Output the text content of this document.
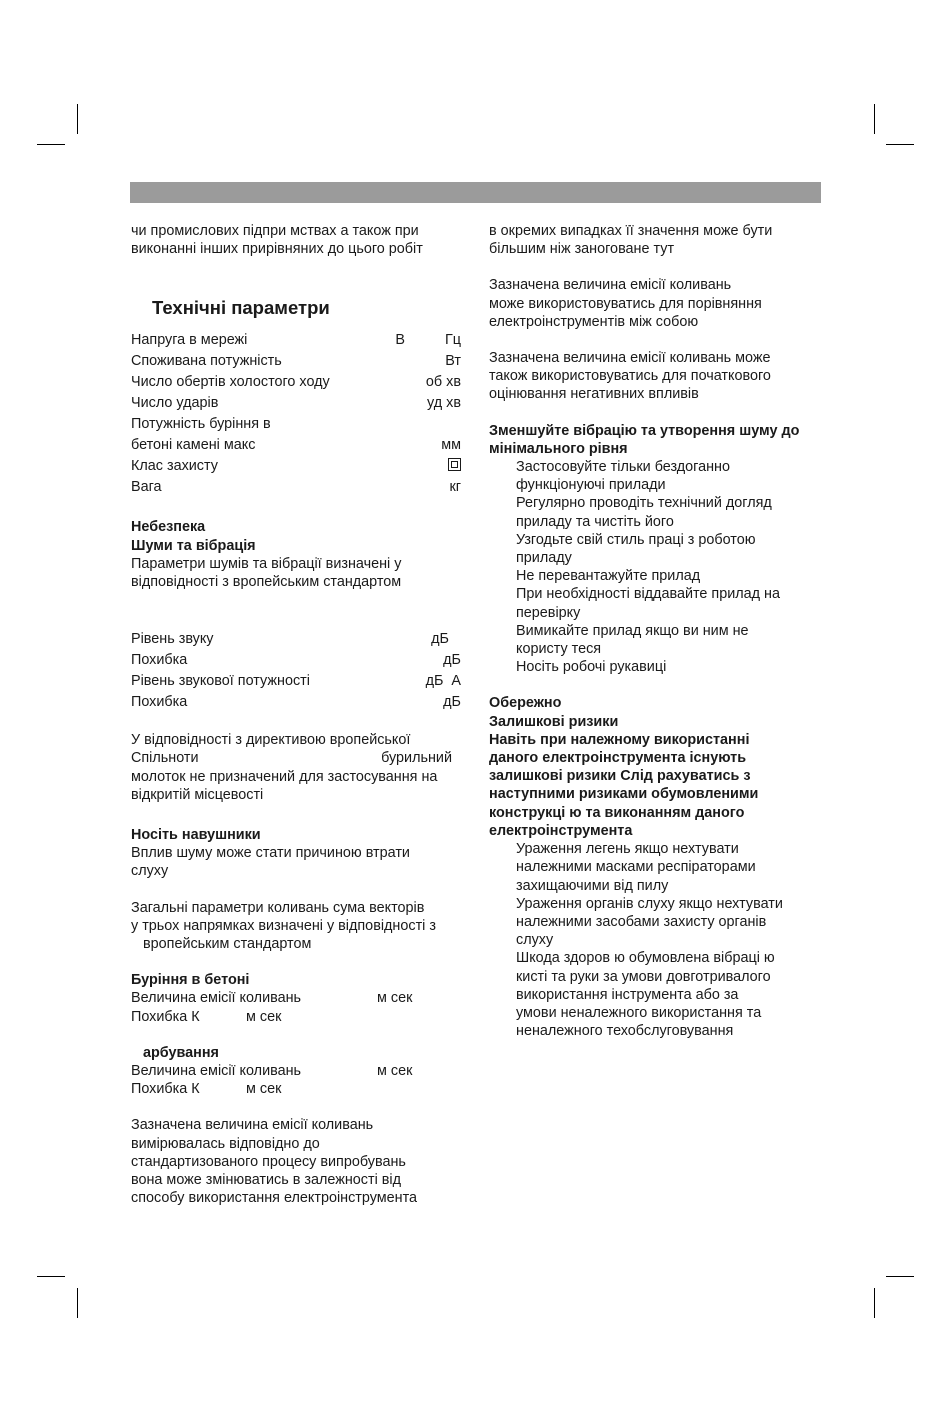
чи промислових підпри мствах а також при

виконанні інших прирівняних до цього робіт

Технічні параметри

Напруга в мережі	В          Гц
Споживана потужність	Вт
Число обертів холостого ходу	об хв
Число ударів	уд хв
Потужність буріння в
бетоні камені макс	мм
Клас захисту
Вага	кг

Небезпека

Шуми та вібрація

Параметри шумів та вібрації визначені у

відповідності з вропейським стандартом

Рівень звуку	дБ
Похибка	дБ
Рівень звукової потужності	дБ  А
Похибка	дБ

У відповідності з директивою вропейської

Спільноти	бурильний

молоток не призначений для застосування на

відкритій місцевості

Носіть навушники

Вплив шуму може стати причиною втрати

слуху

Загальні параметри коливань сума векторів

у трьох напрямках визначені у відповідності з

вропейським стандартом

Буріння в бетоні

Величина емісії коливань	м сек
Похибка К	м сек

арбування

Величина емісії коливань	м сек
Похибка К	м сек

Зазначена величина емісії коливань

вимірювалась відповідно до

стандартизованого процесу випробувань

вона може змінюватись в залежності від

способу використання електроінструмента

в окремих випадках її значення може бути

більшим ніж заноговане тут

Зазначена величина емісії коливань

може використовуватись для порівняння

електроінструментів між собою

Зазначена величина емісії коливань може

також використовуватись для початкового

оцінювання негативних впливів

Зменшуйте вібрацію та утворення шуму до

мінімального рівня

Застосовуйте тільки бездоганно

функціонуючі прилади

Регулярно проводіть технічний догляд

приладу та чистіть його

Узгодьте свій стиль праці з роботою

приладу

Не перевантажуйте прилад

При необхідності віддавайте прилад на

перевірку

Вимикайте прилад якщо ви ним не

користу теся

Носіть робочі рукавиці

Обережно

Залишкові ризики

Навіть при належному використанні

даного електроінструмента існують

залишкові ризики Слід рахуватись з

наступними ризиками обумовленими

конструкці ю та виконанням даного

електроінструмента

Ураження легень якщо нехтувати

належними масками респіраторами

захищаючими від пилу

Ураження органів слуху якщо нехтувати

належними засобами захисту органів

слуху

Шкода здоров ю обумовлена вібраці ю

кисті та руки за умови довготривалого

використання інструмента або за

умови неналежного використання та

неналежного техобслуговування
